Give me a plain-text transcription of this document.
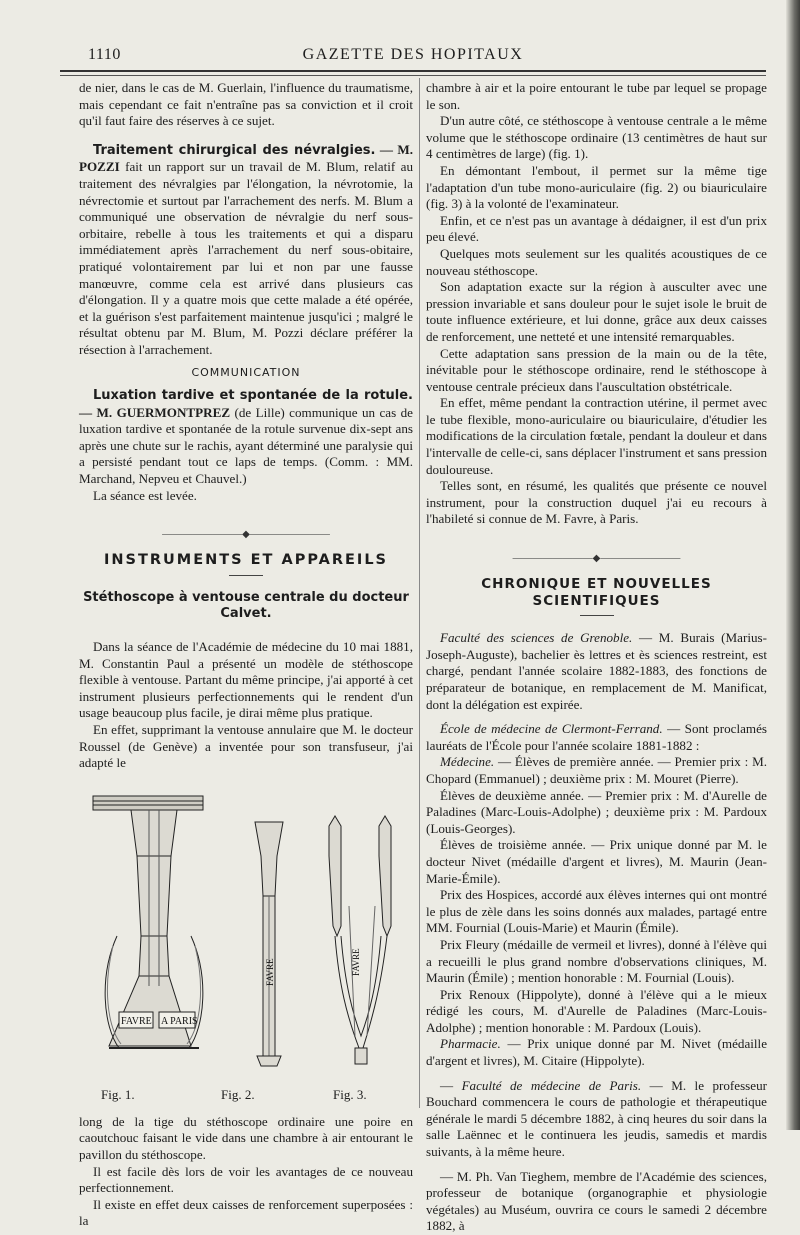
1110	GAZETTE DES HOPITAUX

de nier, dans le cas de M. Guerlain, l'influence du traumatisme, mais cependant ce fait n'entraîne pas sa conviction et il croit qu'il faut faire des réserves à ce sujet.

Traitement chirurgical des névralgies. — M. POZZI fait un rapport sur un travail de M. Blum, relatif au traitement des névralgies par l'élongation, la névrotomie, la névrectomie et surtout par l'arrachement des nerfs. M. Blum a communiqué une observation de névralgie du nerf sous-orbitaire, rebelle à tous les traitements et qui a disparu immédiatement après l'arrachement du nerf sous-obitaire, pratiqué volontairement par lui et non par une fausse manœuvre, comme cela est arrivé dans plusieurs cas d'élongation. Il y a quatre mois que cette malade a été opérée, et la guérison s'est parfaitement maintenue jusqu'ici ; malgré le résultat obtenu par M. Blum, M. Pozzi déclare préférer la résection à l'arrachement.

COMMUNICATION

Luxation tardive et spontanée de la rotule. — M. GUERMONTPREZ (de Lille) communique un cas de luxation tardive et spontanée de la rotule survenue dix-sept ans après une chute sur le rachis, ayant déterminé une paralysie qui a persisté pendant tout ce laps de temps. (Comm. : MM. Marchand, Nepveu et Chauvel.)

La séance est levée.

————————◆————————

INSTRUMENTS ET APPAREILS

Stéthoscope à ventouse centrale du docteur Calvet.

Dans la séance de l'Académie de médecine du 10 mai 1881, M. Constantin Paul a présenté un modèle de stéthoscope flexible à ventouse. Partant du même principe, j'ai apporté à cet instrument plusieurs perfectionnements qui le rendent d'un usage beaucoup plus facile, je dirai même plus pratique.

En effet, supprimant la ventouse annulaire que M. le docteur Roussel (de Genève) a inventée pour son transfuseur, j'ai adapté le

FAVRE A PARIS
FAVRE	FAVRE
Fig. 1.	Fig. 2.	Fig. 3.

long de la tige du stéthoscope ordinaire une poire en caoutchouc faisant le vide dans une chambre à air entourant le pavillon du stéthoscope.

Il est facile dès lors de voir les avantages de ce nouveau perfectionnement.

Il existe en effet deux caisses de renforcement superposées : la

chambre à air et la poire entourant le tube par lequel se propage le son.

D'un autre côté, ce stéthoscope à ventouse centrale a le même volume que le stéthoscope ordinaire (13 centimètres de haut sur 4 centimètres de large) (fig. 1).

En démontant l'embout, il permet sur la même tige l'adaptation d'un tube mono-auriculaire (fig. 2) ou biauriculaire (fig. 3) à la volonté de l'examinateur.

Enfin, et ce n'est pas un avantage à dédaigner, il est d'un prix peu élevé.

Quelques mots seulement sur les qualités acoustiques de ce nouveau stéthoscope.

Son adaptation exacte sur la région à ausculter avec une pression invariable et sans douleur pour le sujet isole le bruit de toute influence extérieure, et lui donne, grâce aux deux caisses de renforcement, une netteté et une intensité remarquables.

Cette adaptation sans pression de la main ou de la tête, inévitable pour le stéthoscope ordinaire, rend le stéthoscope à ventouse centrale précieux dans l'auscultation obstétricale.

En effet, même pendant la contraction utérine, il permet avec le tube flexible, mono-auriculaire ou biauriculaire, d'étudier les modifications de la circulation fœtale, pendant la douleur et dans l'intervalle de celle-ci, sans déplacer l'instrument et sans pression douloureuse.

Telles sont, en résumé, les qualités que présente ce nouvel instrument, pour la construction duquel j'ai eu recours à l'habileté si connue de M. Favre, à Paris.

————————◆————————

CHRONIQUE ET NOUVELLES SCIENTIFIQUES

Faculté des sciences de Grenoble. — M. Burais (Marius-Joseph-Auguste), bachelier ès lettres et ès sciences restreint, est chargé, pendant l'année scolaire 1882-1883, des fonctions de préparateur de botanique, en remplacement de M. Manificat, dont la délégation est expirée.

École de médecine de Clermont-Ferrand. — Sont proclamés lauréats de l'École pour l'année scolaire 1881-1882 :

Médecine. — Élèves de première année. — Premier prix : M. Chopard (Emmanuel) ; deuxième prix : M. Mouret (Pierre).

Élèves de deuxième année. — Premier prix : M. d'Aurelle de Paladines (Marc-Louis-Adolphe) ; deuxième prix : M. Pardoux (Louis-Georges).

Élèves de troisième année. — Prix unique donné par M. le docteur Nivet (médaille d'argent et livres), M. Maurin (Jean-Marie-Émile).

Prix des Hospices, accordé aux élèves internes qui ont montré le plus de zèle dans les soins donnés aux malades, partagé entre MM. Fournial (Louis-Marie) et Maurin (Émile).

Prix Fleury (médaille de vermeil et livres), donné à l'élève qui a recueilli le plus grand nombre d'observations cliniques, M. Maurin (Émile) ; mention honorable : M. Fournial (Louis).

Prix Renoux (Hippolyte), donné à l'élève qui a le mieux rédigé les cours, M. d'Aurelle de Paladines (Marc-Louis-Adolphe) ; mention honorable : M. Pardoux (Louis).

Pharmacie. — Prix unique donné par M. Nivet (médaille d'argent et livres), M. Citaire (Hippolyte).

— Faculté de médecine de Paris. — M. le professeur Bouchard commencera le cours de pathologie et thérapeutique générale le mardi 5 décembre 1882, à cinq heures du soir dans la salle Laënnec et le continuera les jeudis, samedis et mardis suivants, à la même heure.

— M. Ph. Van Tieghem, membre de l'Académie des sciences, professeur de botanique (organographie et physiologie végétales) au Muséum, ouvrira ce cours le samedi 2 décembre 1882, à
